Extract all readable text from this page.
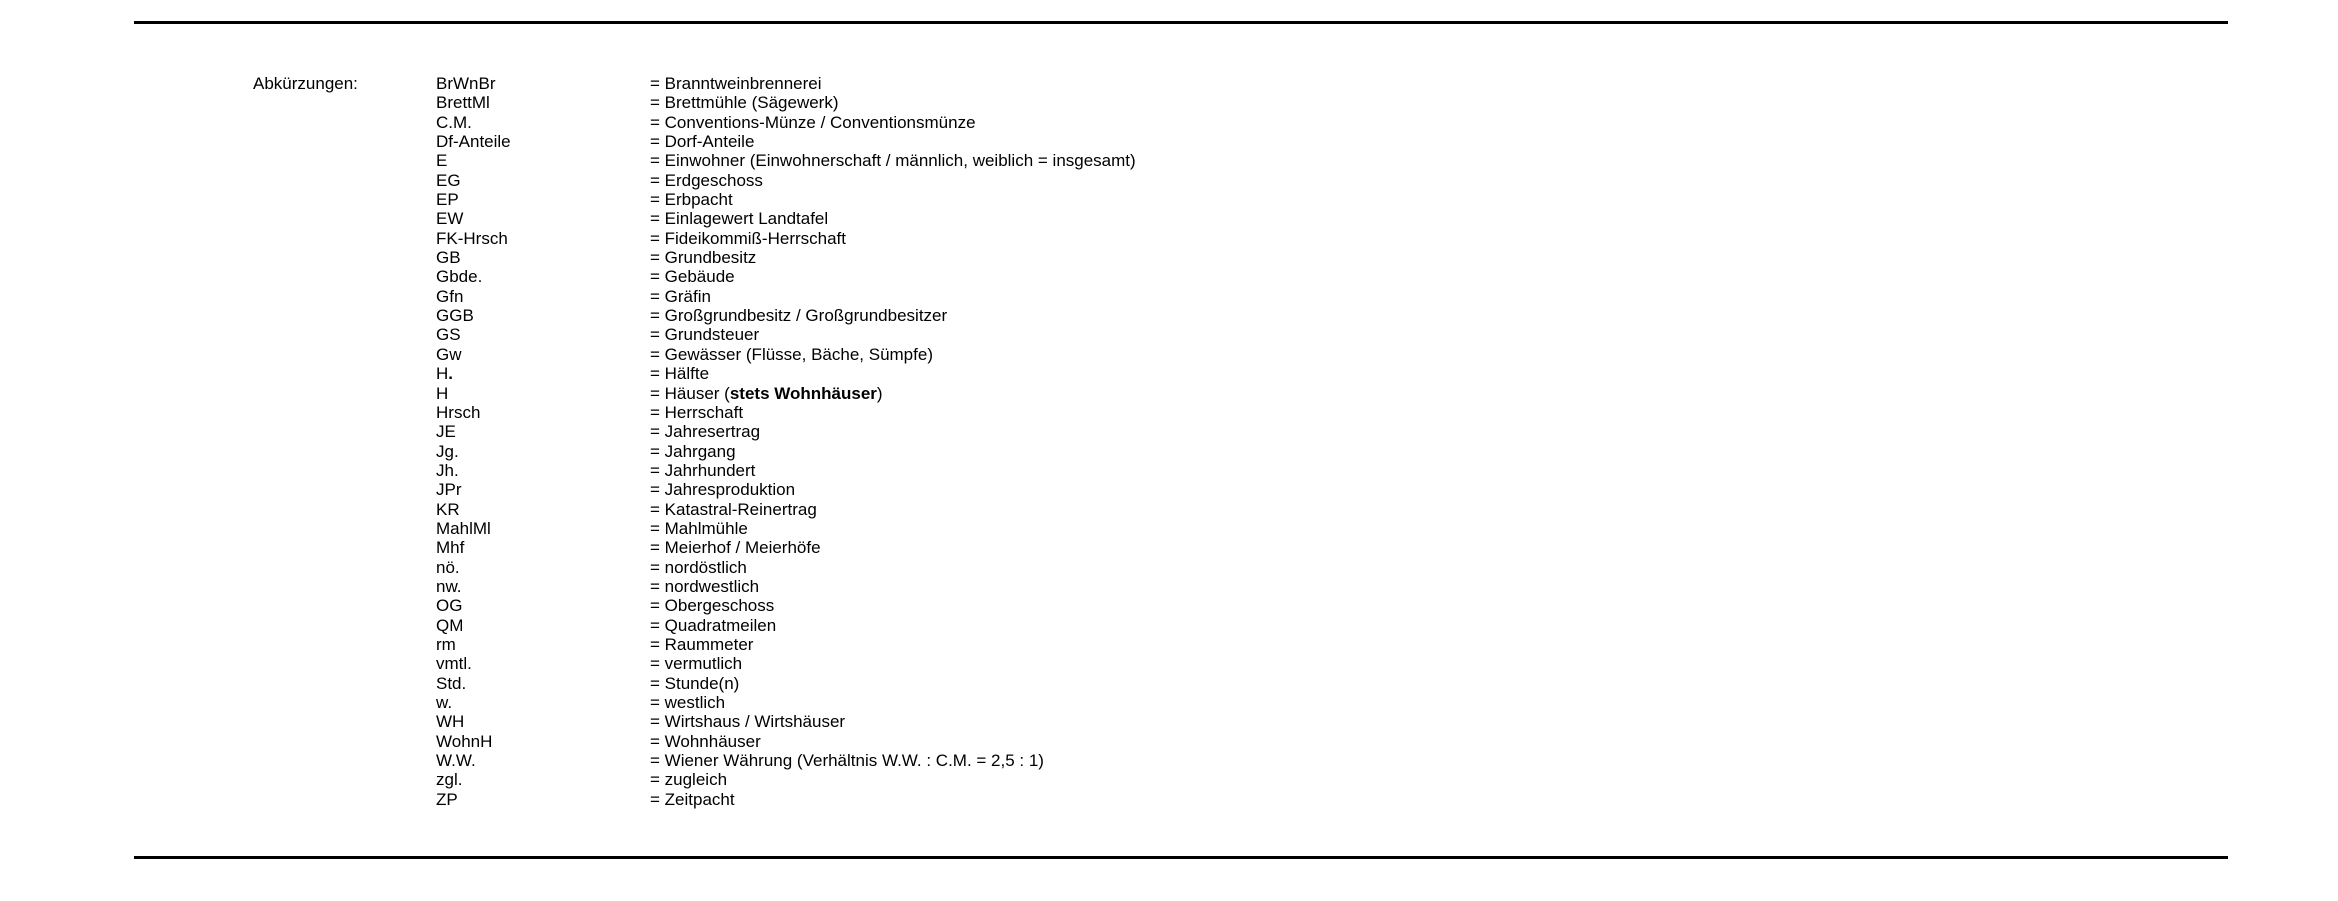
Abkürzungen:	BrWnBr	= Branntweinbrennerei
BrettMl	= Brettmühle (Sägewerk)
C.M.	= Conventions-Münze / Conventionsmünze
Df-Anteile	= Dorf-Anteile
E	= Einwohner (Einwohnerschaft / männlich, weiblich = insgesamt)
EG	= Erdgeschoss
EP	= Erbpacht
EW	= Einlagewert Landtafel
FK-Hrsch	= Fideikommiß-Herrschaft
GB	= Grundbesitz
Gbde.	= Gebäude
Gfn	= Gräfin
GGB	= Großgrundbesitz / Großgrundbesitzer
GS	= Grundsteuer
Gw	= Gewässer (Flüsse, Bäche, Sümpfe)
H.	= Hälfte
H	= Häuser (stets Wohnhäuser)
Hrsch	= Herrschaft
JE	= Jahresertrag
Jg.	= Jahrgang
Jh.	= Jahrhundert
JPr	= Jahresproduktion
KR	= Katastral-Reinertrag
MahlMl	= Mahlmühle
Mhf	= Meierhof / Meierhöfe
nö.	= nordöstlich
nw.	= nordwestlich
OG	= Obergeschoss
QM	= Quadratmeilen
rm	= Raummeter
vmtl.	= vermutlich
Std.	= Stunde(n)
w.	= westlich
WH	= Wirtshaus / Wirtshäuser
WohnH	= Wohnhäuser
W.W.	= Wiener Währung (Verhältnis W.W. : C.M. = 2,5 : 1)
zgl.	= zugleich
ZP	= Zeitpacht
